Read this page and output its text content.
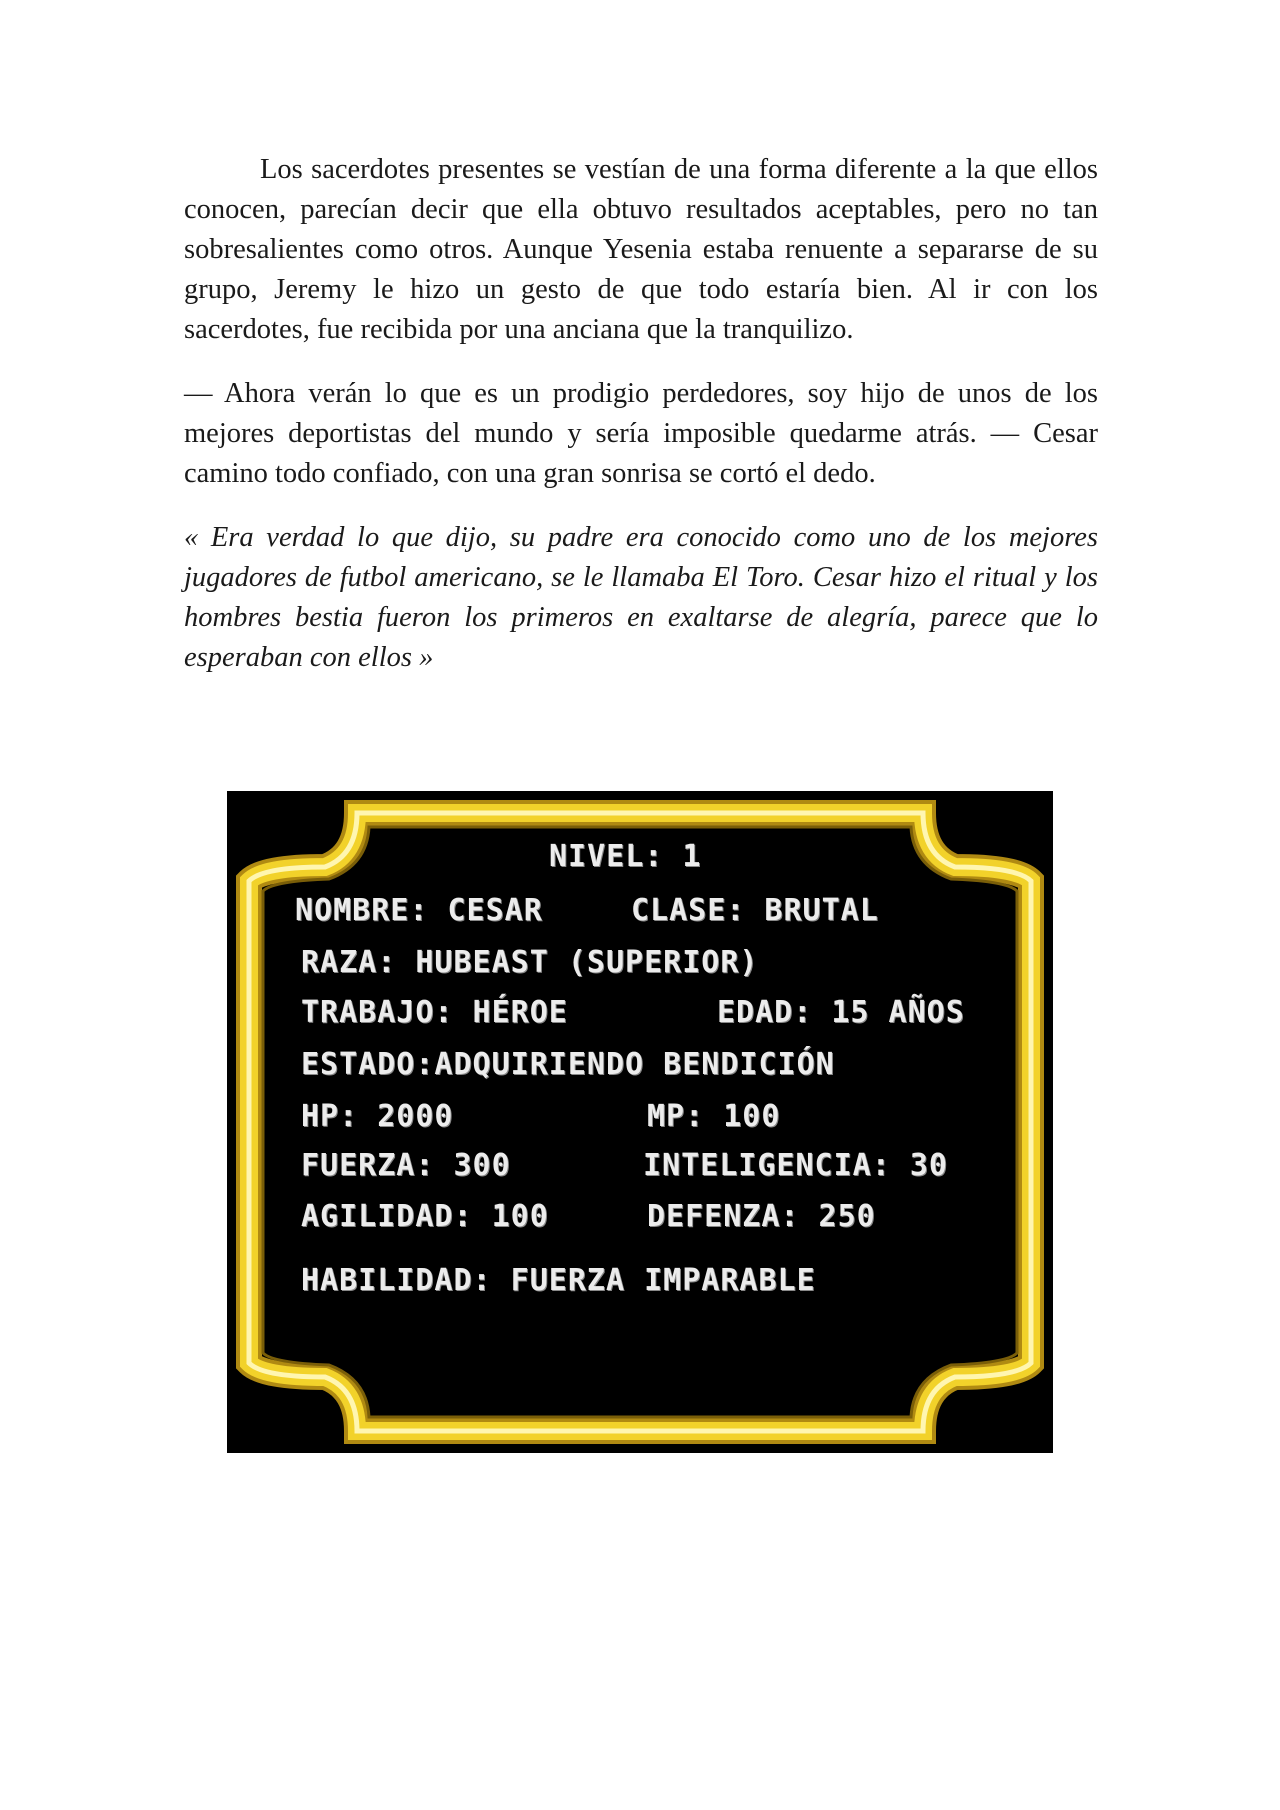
Los sacerdotes presentes se vestían de una forma diferente a la que ellos conocen, parecían decir que ella obtuvo resultados aceptables, pero no tan sobresalientes como otros. Aunque Yesenia estaba renuente a separarse de su grupo, Jeremy le hizo un gesto de que todo estaría bien. Al ir con los sacerdotes, fue recibida por una anciana que la tranquilizo.

— Ahora verán lo que es un prodigio perdedores, soy hijo de unos de los mejores deportistas del mundo y sería imposible quedarme atrás. — Cesar camino todo confiado, con una gran sonrisa se cortó el dedo.

« Era verdad lo que dijo, su padre era conocido como uno de los mejores jugadores de futbol americano, se le llamaba El Toro. Cesar hizo el ritual y los hombres bestia fueron los primeros en exaltarse de alegría, parece que lo esperaban con ellos »

NIVEL: 1
NOMBRE: CESAR	CLASE: BRUTAL
RAZA: HUBEAST (SUPERIOR)
TRABAJO: HÉROE	EDAD: 15 AÑOS
ESTADO:ADQUIRIENDO BENDICIÓN
HP: 2000	MP: 100
FUERZA: 300	INTELIGENCIA: 30
AGILIDAD: 100	DEFENZA: 250
HABILIDAD: FUERZA IMPARABLE
